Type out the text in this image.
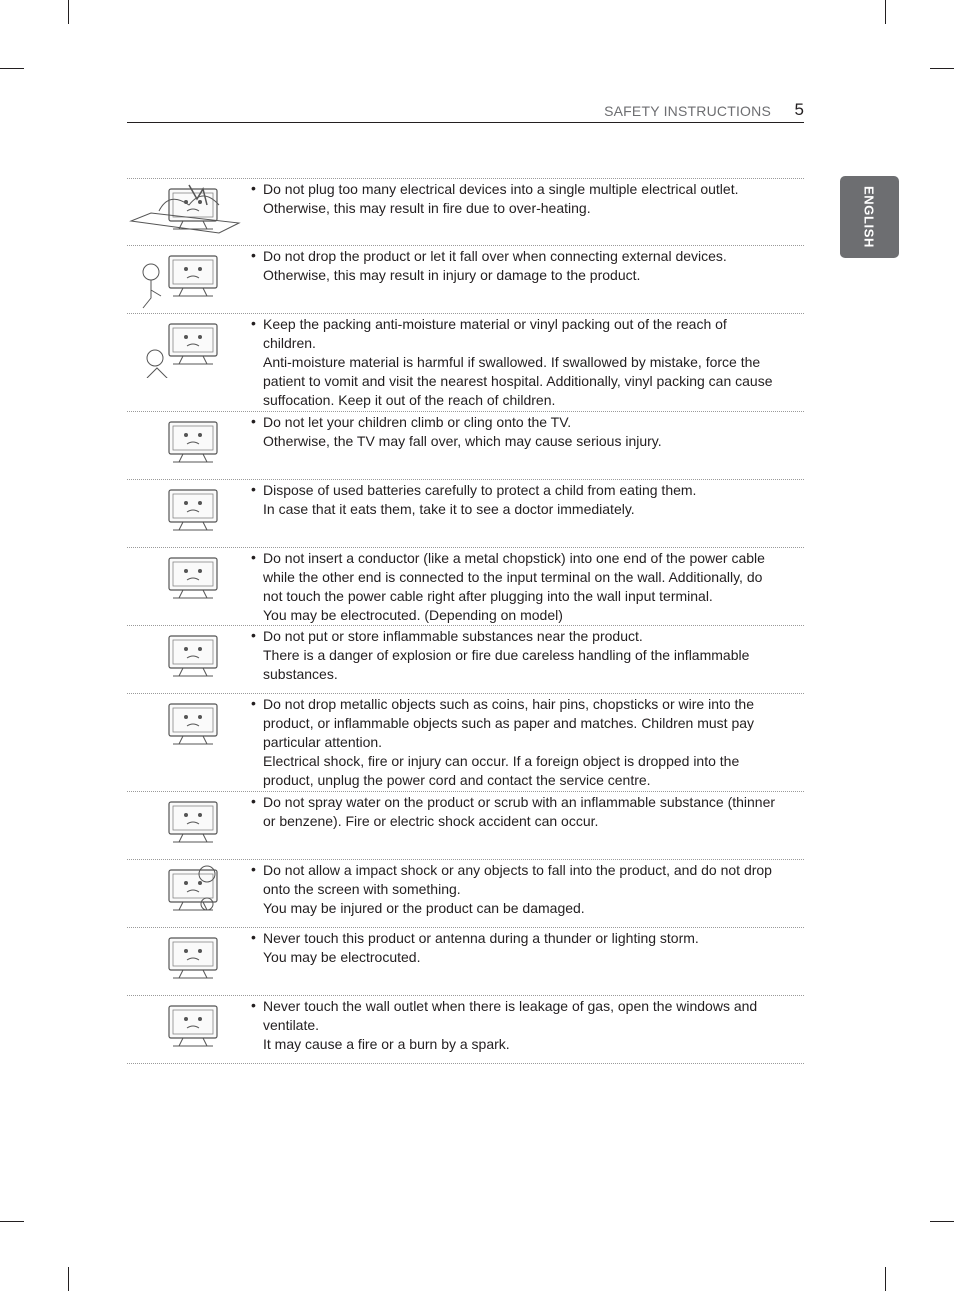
SAFETY INSTRUCTIONS 5
ENGLISH
• Do not plug too many electrical devices into a single multiple electrical outlet.
Otherwise, this may result in fire due to over-heating.
• Do not drop the product or let it fall over when connecting external devices.
Otherwise, this may result in injury or damage to the product.
• Keep the packing anti-moisture material or vinyl packing out of the reach of
children.
Anti-moisture material is harmful if swallowed. If swallowed by mistake, force the
patient to vomit and visit the nearest hospital. Additionally, vinyl packing can cause
suffocation. Keep it out of the reach of children.
• Do not let your children climb or cling onto the TV.
Otherwise, the TV may fall over, which may cause serious injury.
• Dispose of used batteries carefully to protect a child from eating them.
In case that it eats them, take it to see a doctor immediately.
• Do not insert a conductor (like a metal chopstick) into one end of the power cable
while the other end is connected to the input terminal on the wall. Additionally, do
not touch the power cable right after plugging into the wall input terminal.
You may be electrocuted. (Depending on model)
• Do not put or store inflammable substances near the product.
There is a danger of explosion or fire due careless handling of the inflammable
substances.
• Do not drop metallic objects such as coins, hair pins, chopsticks or wire into the
product, or inflammable objects such as paper and matches. Children must pay
particular attention.
Electrical shock, fire or injury can occur. If a foreign object is dropped into the
product, unplug the power cord and contact the service centre.
• Do not spray water on the product or scrub with an inflammable substance (thinner
or benzene). Fire or electric shock accident can occur.
• Do not allow a impact shock or any objects to fall into the product, and do not drop
onto the screen with something.
You may be injured or the product can be damaged.
• Never touch this product or antenna during a thunder or lighting storm.
You may be electrocuted.
• Never touch the wall outlet when there is leakage of gas, open the windows and
ventilate.
It may cause a fire or a burn by a spark.
